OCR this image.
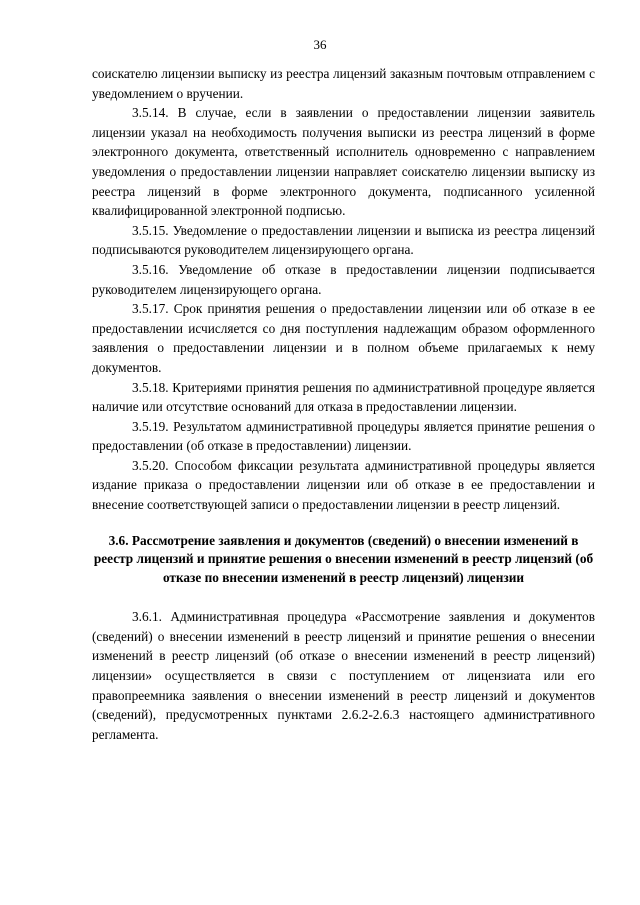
36

соискателю лицензии выписку из реестра лицензий заказным почтовым отправлением с уведомлением о вручении.

3.5.14. В случае, если в заявлении о предоставлении лицензии заявитель лицензии указал на необходимость получения выписки из реестра лицензий в форме электронного документа, ответственный исполнитель одновременно с направлением уведомления о предоставлении лицензии направляет соискателю лицензии выписку из реестра лицензий в форме электронного документа, подписанного усиленной квалифицированной электронной подписью.

3.5.15. Уведомление о предоставлении лицензии и выписка из реестра лицензий подписываются руководителем лицензирующего органа.

3.5.16. Уведомление об отказе в предоставлении лицензии подписывается руководителем лицензирующего органа.

3.5.17. Срок принятия решения о предоставлении лицензии или об отказе в ее предоставлении исчисляется со дня поступления надлежащим образом оформленного заявления о предоставлении лицензии и в полном объеме прилагаемых к нему документов.

3.5.18. Критериями принятия решения по административной процедуре является наличие или отсутствие оснований для отказа в предоставлении лицензии.

3.5.19. Результатом административной процедуры является принятие решения о предоставлении (об отказе в предоставлении) лицензии.

3.5.20. Способом фиксации результата административной процедуры является издание приказа о предоставлении лицензии или об отказе в ее предоставлении и внесение соответствующей записи о предоставлении лицензии в реестр лицензий.

3.6. Рассмотрение заявления и документов (сведений) о внесении изменений в реестр лицензий и принятие решения о внесении изменений в реестр лицензий (об отказе по внесении изменений в реестр лицензий) лицензии

3.6.1. Административная процедура «Рассмотрение заявления и документов (сведений) о внесении изменений в реестр лицензий и принятие решения о внесении изменений в реестр лицензий (об отказе о внесении изменений в реестр лицензий) лицензии» осуществляется в связи с поступлением от лицензиата или его правопреемника заявления о внесении изменений в реестр лицензий и документов (сведений), предусмотренных пунктами 2.6.2-2.6.3 настоящего административного регламента.
